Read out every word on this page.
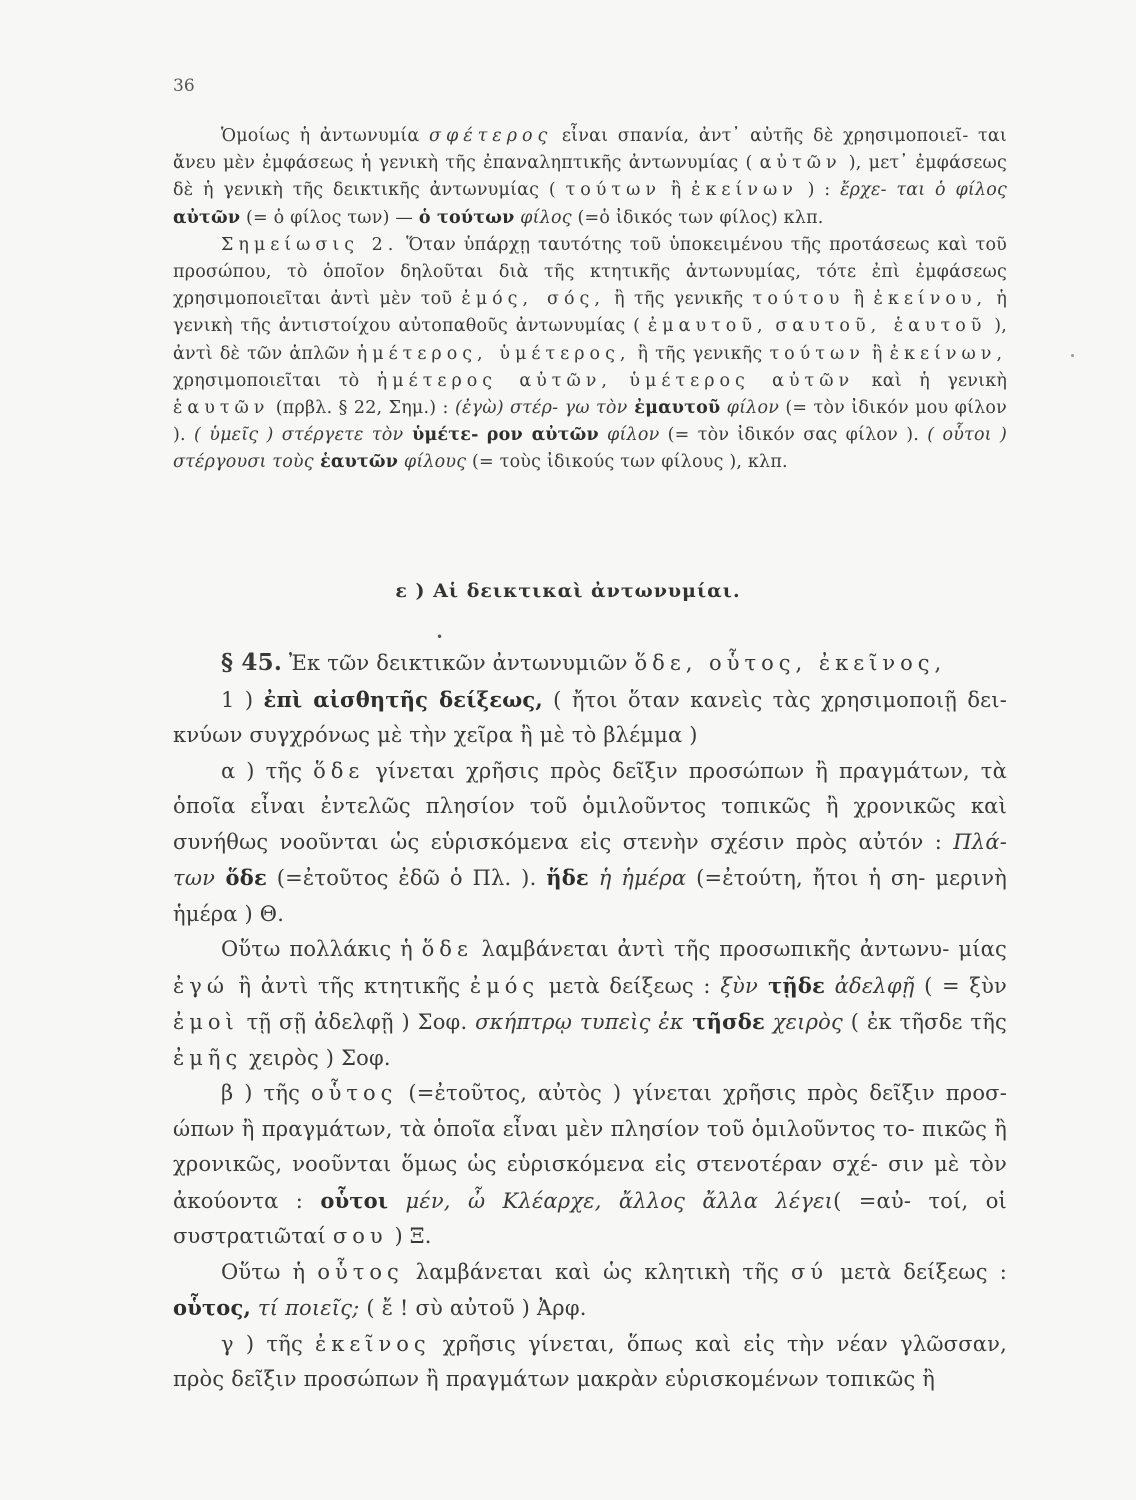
36

Ὁμοίως ἡ ἀντωνυμία σφέτερος εἶναι σπανία, ἀντ᾽ αὐτῆς δὲ χρησιμοποιεῖ- ται ἄνευ μὲν ἐμφάσεως ἡ γενικὴ τῆς ἐπαναληπτικῆς ἀντωνυμίας ( αὐτῶν ), μετ᾽ ἐμφάσεως δὲ ἡ γενικὴ τῆς δεικτικῆς ἀντωνυμίας ( τούτων ἢ ἐκείνων ) : ἔρχε- ται ὁ φίλος αὐτῶν (= ὁ φίλος των) — ὁ τούτων φίλος (=ὁ ἰδικός των φίλος) κλπ.

Σημείωσις 2. Ὅταν ὑπάρχῃ ταυτότης τοῦ ὑποκειμένου τῆς προτάσεως καὶ τοῦ προσώπου, τὸ ὁποῖον δηλοῦται διὰ τῆς κτητικῆς ἀντωνυμίας, τότε ἐπὶ ἐμφάσεως χρησιμοποιεῖται ἀντὶ μὲν τοῦ ἐμός, σός, ἢ τῆς γενικῆς τούτου ἢ ἐκείνου, ἡ γενικὴ τῆς ἀντιστοίχου αὐτοπαθοῦς ἀντωνυμίας ( ἐμαυτοῦ, σαυτοῦ, ἑαυτοῦ ), ἀντὶ δὲ τῶν ἁπλῶν ἡμέτερος, ὑμέτερος, ἢ τῆς γενικῆς τούτων ἢ ἐκείνων, χρησιμοποιεῖται τὸ ἡμέτερος αὐτῶν, ὑμέτερος αὐτῶν καὶ ἡ γενικὴ ἑαυτῶν (πρβλ. § 22, Σημ.) : (ἐγὼ) στέρ- γω τὸν ἐμαυτοῦ φίλον (= τὸν ἰδικόν μου φίλον ). ( ὑμεῖς ) στέργετε τὸν ὑμέτε- ρον αὐτῶν φίλον (= τὸν ἰδικόν σας φίλον ). ( οὗτοι ) στέργουσι τοὺς ἑαυτῶν φίλους (= τοὺς ἰδικούς των φίλους ), κλπ.

ε ) Αἱ δεικτικαὶ ἀντωνυμίαι.
•

§ 45. Ἐκ τῶν δεικτικῶν ἀντωνυμιῶν ὅδε, οὗτος, ἐκεῖνος,

1 ) ἐπὶ αἰσθητῆς δείξεως, ( ἤτοι ὅταν κανεὶς τὰς χρησιμοποιῇ δει- κνύων συγχρόνως μὲ τὴν χεῖρα ἢ μὲ τὸ βλέμμα )

α ) τῆς ὅδε γίνεται χρῆσις πρὸς δεῖξιν προσώπων ἢ πραγμάτων, τὰ ὁποῖα εἶναι ἐντελῶς πλησίον τοῦ ὁμιλοῦντος τοπικῶς ἢ χρονικῶς καὶ συνήθως νοοῦνται ὡς εὑρισκόμενα εἰς στενὴν σχέσιν πρὸς αὐτόν : Πλά- των ὅδε (=ἐτοῦτος ἐδῶ ὁ Πλ. ). ἥδε ἡ ἡμέρα (=ἐτούτη, ἤτοι ἡ ση- μερινὴ ἡμέρα ) Θ.

Οὕτω πολλάκις ἡ ὅδε λαμβάνεται ἀντὶ τῆς προσωπικῆς ἀντωνυ- μίας ἐγώ ἢ ἀντὶ τῆς κτητικῆς ἐμός μετὰ δείξεως : ξὺν τῇδε ἀδελφῇ ( = ξὺν ἐμοὶ τῇ σῇ ἀδελφῇ ) Σοφ. σκήπτρῳ τυπεὶς ἐκ τῆσδε χειρὸς ( ἐκ τῆσδε τῆς ἐμῆς χειρὸς ) Σοφ.

β ) τῆς οὗτος (=ἐτοῦτος, αὐτὸς ) γίνεται χρῆσις πρὸς δεῖξιν προσ- ώπων ἢ πραγμάτων, τὰ ὁποῖα εἶναι μὲν πλησίον τοῦ ὁμιλοῦντος το- πικῶς ἢ χρονικῶς, νοοῦνται ὅμως ὡς εὑρισκόμενα εἰς στενοτέραν σχέ- σιν μὲ τὸν ἀκούοντα : οὗτοι μέν, ὦ Κλέαρχε, ἄλλος ἄλλα λέγει( =αὐ- τοί, οἱ συστρατιῶταί σου ) Ξ.

Οὕτω ἡ οὗτος λαμβάνεται καὶ ὡς κλητικὴ τῆς σύ μετὰ δείξεως : οὗτος, τί ποιεῖς; ( ἔ ! σὺ αὐτοῦ ) Ἀρφ.

γ ) τῆς ἐκεῖνος χρῆσις γίνεται, ὅπως καὶ εἰς τὴν νέαν γλῶσσαν, πρὸς δεῖξιν προσώπων ἢ πραγμάτων μακρὰν εὑρισκομένων τοπικῶς ἢ
